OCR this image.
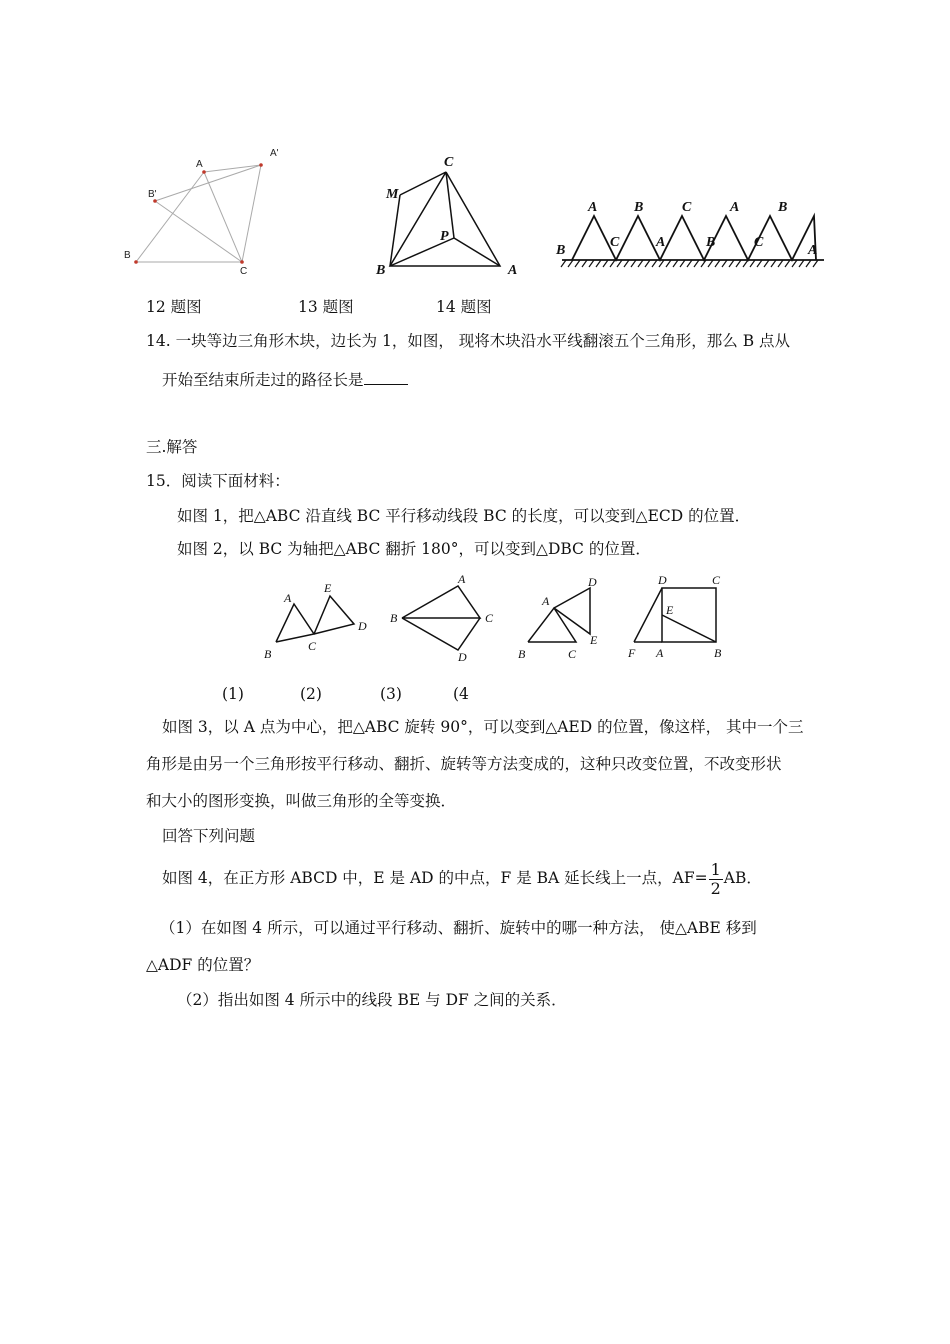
A
A'
B'
B
C
C
M
P
B	A
B
A
C
B
A
C
B
A
C
B
A
12 题图	13 题图	14 题图
14. 一块等边三角形木块，边长为 1，如图， 现将木块沿水平线翻滚五个三角形，那么 B 点从
开始至结束所走过的路径长是
三.解答
15．阅读下面材料：
如图 1，把△ABC 沿直线 BC 平行移动线段 BC 的长度，可以变到△ECD 的位置．
如图 2，以 BC 为轴把△ABC 翻折 180°，可以变到△DBC 的位置．
A
E
D
B
C
A
B	C
D
A
D
E
B	C
D	C
E
F A	B
(1)	(2)	(3)	(4
如图 3，以 A 点为中心，把△ABC 旋转 90°，可以变到△AED 的位置，像这样， 其中一个三
角形是由另一个三角形按平行移动、翻折、旋转等方法变成的，这种只改变位置，不改变形状
和大小的图形变换，叫做三角形的全等变换．
回答下列问题
如图 4，在正方形 ABCD 中，E 是 AD 的中点，F 是 BA 延长线上一点，$AF= \frac{1}{2}$ AB．
（1）在如图 4 所示，可以通过平行移动、翻折、旋转中的哪一种方法， 使△ABE 移到
△ADF 的位置？
（2）指出如图 4 所示中的线段 BE 与 DF 之间的关系．
